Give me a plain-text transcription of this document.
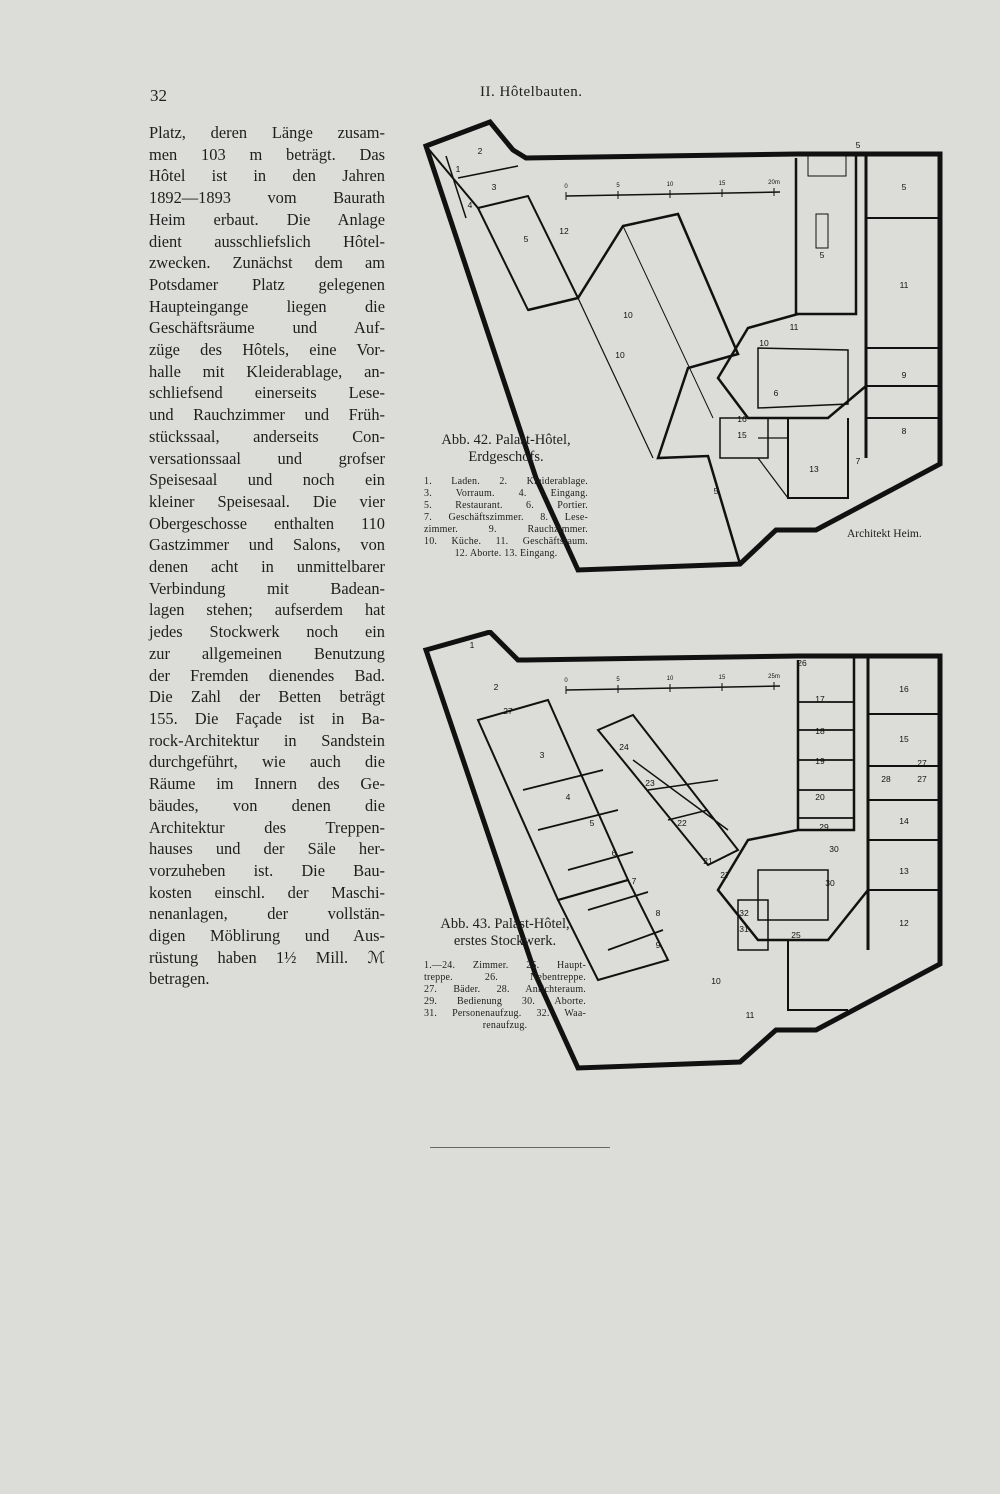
32	II. Hôtelbauten.
Platz, deren Länge zusam-
men 103 m beträgt. Das
Hôtel ist in den Jahren
1892—1893 vom Baurath
Heim erbaut. Die Anlage
dient ausschliefslich Hôtel-
zwecken. Zunächst dem am
Potsdamer Platz gelegenen
Haupteingange liegen die
Geschäftsräume und Auf-
züge des Hôtels, eine Vor-
halle mit Kleiderablage, an-
schliefsend einerseits Lese-
und Rauchzimmer und Früh-
stückssaal, anderseits Con-
versationssaal und grofser
Speisesaal und noch ein
kleiner Speisesaal. Die vier
Obergeschosse enthalten 110
Gastzimmer und Salons, von
denen acht in unmittelbarer
Verbindung mit Badean-
lagen stehen; aufserdem hat
jedes Stockwerk noch ein
zur allgemeinen Benutzung
der Fremden dienendes Bad.
Die Zahl der Betten beträgt
155. Die Façade ist in Ba-
rock-Architektur in Sandstein
durchgeführt, wie auch die
Räume im Innern des Ge-
bäudes, von denen die
Architektur des Treppen-
hauses und der Säle her-
vorzuheben ist. Die Bau-
kosten einschl. der Maschi-
nenanlagen, der vollstän-
digen Möblirung und Aus-
rüstung haben 1½ Mill. ℳ
betragen.
0	5	10	15	20m
1
2
3
4
5
12
10
10
5
5
11
10
11
5
9
6
16
15	8
13
7
5
Abb. 42. Palast-Hôtel,
Erdgeschofs.
1. Laden. 2. Kleiderablage.
3. Vorraum. 4. Eingang.
5. Restaurant. 6. Portier.
7. Geschäftszimmer. 8. Lese-
zimmer. 9. Rauchzimmer.
10. Küche. 11. Geschäftsraum.
12. Aborte. 13. Eingang.
Architekt Heim.
0	5	10	15	25m
1
2
27
3
4
24
5
23
6
22
7
21
8
27
9
10
11
32
31
25
26
16
17
18
15
19
28
27
27
20
14
29
30
30
13
12
Abb. 43. Palast-Hôtel,
erstes Stockwerk.
1.—24. Zimmer. 25. Haupt-
treppe. 26. Nebentreppe.
27. Bäder. 28. Anrichteraum.
29. Bedienung 30. Aborte.
31. Personenaufzug. 32. Waa-
renaufzug.
